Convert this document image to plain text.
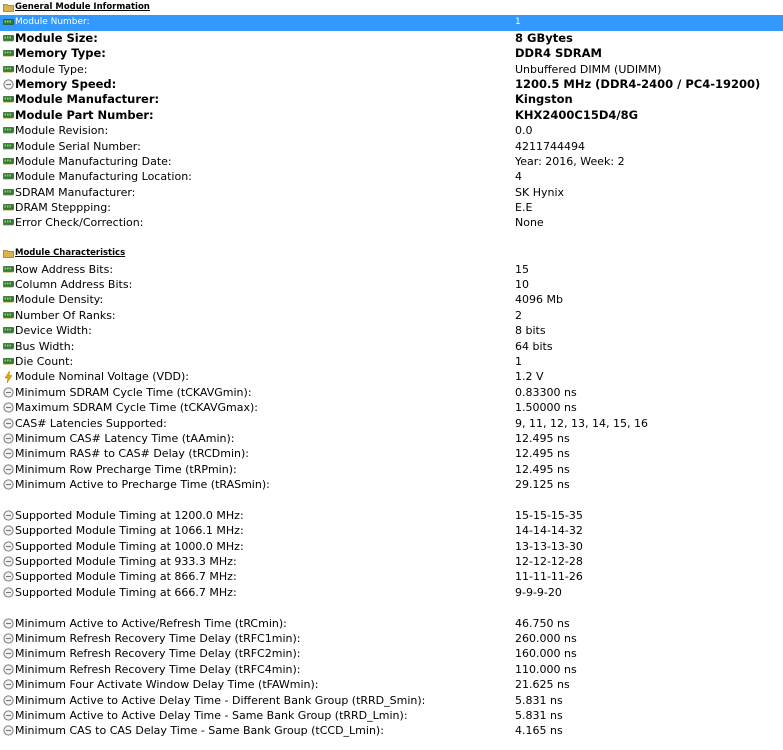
General Module Information
Module Number:	1
Module Size:	8 GBytes
Memory Type:	DDR4 SDRAM
Module Type:	Unbuffered DIMM (UDIMM)
Memory Speed:	1200.5 MHz (DDR4-2400 / PC4-19200)
Module Manufacturer:	Kingston
Module Part Number:	KHX2400C15D4/8G
Module Revision:	0.0
Module Serial Number:	4211744494
Module Manufacturing Date:	Year: 2016, Week: 2
Module Manufacturing Location:	4
SDRAM Manufacturer:	SK Hynix
DRAM Steppping:	E.E
Error Check/Correction:	None
Module Characteristics
Row Address Bits:	15
Column Address Bits:	10
Module Density:	4096 Mb
Number Of Ranks:	2
Device Width:	8 bits
Bus Width:	64 bits
Die Count:	1
Module Nominal Voltage (VDD):	1.2 V
Minimum SDRAM Cycle Time (tCKAVGmin):	0.83300 ns
Maximum SDRAM Cycle Time (tCKAVGmax):	1.50000 ns
CAS# Latencies Supported:	9, 11, 12, 13, 14, 15, 16
Minimum CAS# Latency Time (tAAmin):	12.495 ns
Minimum RAS# to CAS# Delay (tRCDmin):	12.495 ns
Minimum Row Precharge Time (tRPmin):	12.495 ns
Minimum Active to Precharge Time (tRASmin):	29.125 ns
Supported Module Timing at 1200.0 MHz:	15-15-15-35
Supported Module Timing at 1066.1 MHz:	14-14-14-32
Supported Module Timing at 1000.0 MHz:	13-13-13-30
Supported Module Timing at 933.3 MHz:	12-12-12-28
Supported Module Timing at 866.7 MHz:	11-11-11-26
Supported Module Timing at 666.7 MHz:	9-9-9-20
Minimum Active to Active/Refresh Time (tRCmin):	46.750 ns
Minimum Refresh Recovery Time Delay (tRFC1min):	260.000 ns
Minimum Refresh Recovery Time Delay (tRFC2min):	160.000 ns
Minimum Refresh Recovery Time Delay (tRFC4min):	110.000 ns
Minimum Four Activate Window Delay Time (tFAWmin):	21.625 ns
Minimum Active to Active Delay Time - Different Bank Group (tRRD_Smin):	5.831 ns
Minimum Active to Active Delay Time - Same Bank Group (tRRD_Lmin):	5.831 ns
Minimum CAS to CAS Delay Time - Same Bank Group (tCCD_Lmin):	4.165 ns
